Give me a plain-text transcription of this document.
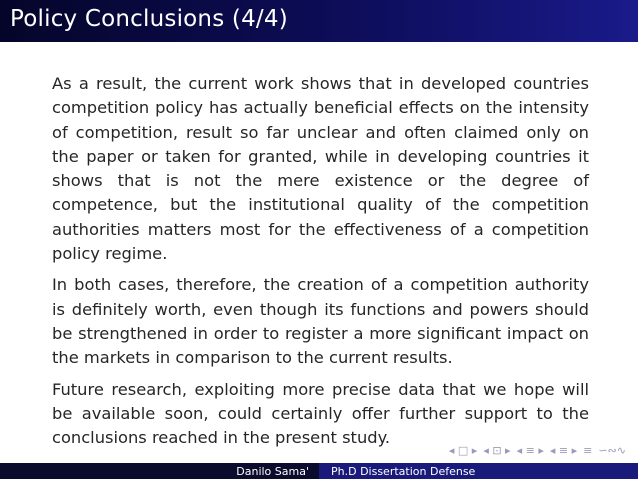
Policy Conclusions (4/4)

As a result, the current work shows that in developed countries competition policy has actually beneficial effects on the intensity of competition, result so far unclear and often claimed only on the paper or taken for granted, while in developing countries it shows that is not the mere existence or the degree of competence, but the institutional quality of the competition authorities matters most for the effectiveness of a competition policy regime.

In both cases, therefore, the creation of a competition authority is definitely worth, even though its functions and powers should be strengthened in order to register a more significant impact on the markets in comparison to the current results.

Future research, exploiting more precise data that we hope will be available soon, could certainly offer further support to the conclusions reached in the present study.

◂ □ ▸ ◂ ⊡ ▸ ◂ ≡ ▸ ◂ ≡ ▸ ≡ ∽∾∿
Danilo Sama' Ph.D Dissertation Defense
